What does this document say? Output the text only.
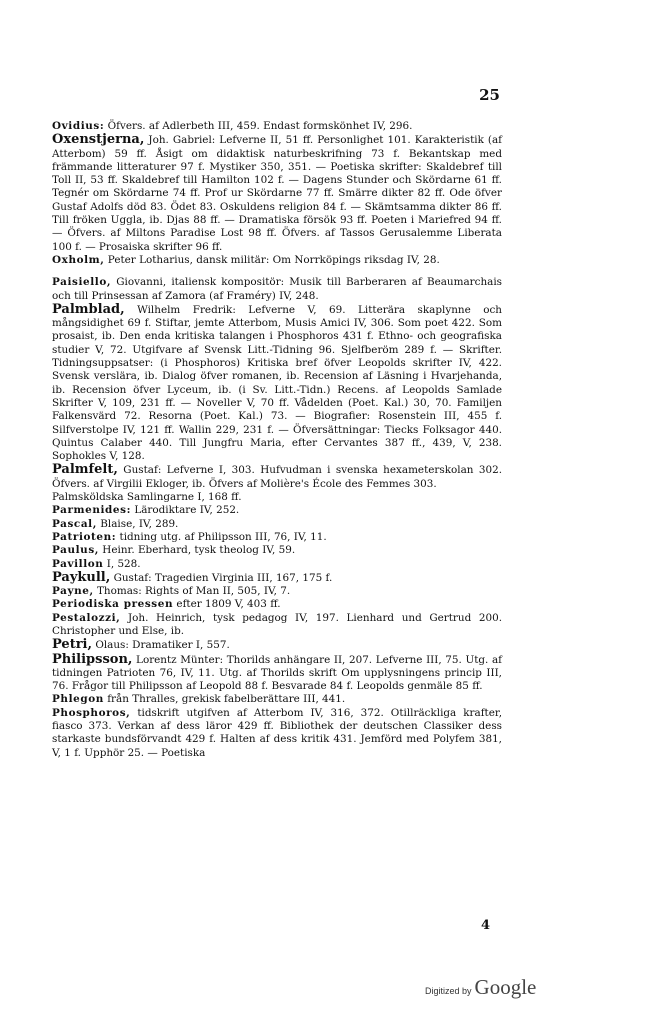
25

Ovidius: Öfvers. af Adlerbeth III, 459. Endast formskönhet IV, 296.

Oxenstjerna, Joh. Gabriel: Lefverne II, 51 ff. Personlighet 101. Karakteristik (af Atterbom) 59 ff. Åsigt om didaktisk naturbeskrifning 73 f. Bekantskap med främmande litteraturer 97 f. Mystiker 350, 351. — Poetiska skrifter: Skaldebref till Toll II, 53 ff. Skaldebref till Hamilton 102 f. — Dagens Stunder och Skördarne 61 ff. Tegnér om Skördarne 74 ff. Prof ur Skördarne 77 ff. Smärre dikter 82 ff. Ode öfver Gustaf Adolfs död 83. Ödet 83. Oskuldens religion 84 f. — Skämtsamma dikter 86 ff. Till fröken Uggla, ib. Djas 88 ff. — Dramatiska försök 93 ff. Poeten i Mariefred 94 ff. — Öfvers. af Miltons Paradise Lost 98 ff. Öfvers. af Tassos Gerusalemme Liberata 100 f. — Prosaiska skrifter 96 ff.

Oxholm, Peter Lotharius, dansk militär: Om Norrköpings riksdag IV, 28.

Paisiello, Giovanni, italiensk kompositör: Musik till Barberaren af Beaumarchais och till Prinsessan af Zamora (af Framéry) IV, 248.

Palmblad, Wilhelm Fredrik: Lefverne V, 69. Litterära skaplynne och mångsidighet 69 f. Stiftar, jemte Atterbom, Musis Amici IV, 306. Som poet 422. Som prosaist, ib. Den enda kritiska talangen i Phosphoros 431 f. Ethno- och geografiska studier V, 72. Utgifvare af Svensk Litt.-Tidning 96. Sjelfberöm 289 f. — Skrifter. Tidningsuppsatser: (i Phosphoros) Kritiska bref öfver Leopolds skrifter IV, 422. Svensk verslära, ib. Dialog öfver romanen, ib. Recension af Läsning i Hvarjehanda, ib. Recension öfver Lyceum, ib. (i Sv. Litt.-Tidn.) Recens. af Leopolds Samlade Skrifter V, 109, 231 ff. — Noveller V, 70 ff. Vådelden (Poet. Kal.) 30, 70. Familjen Falkensvärd 72. Resorna (Poet. Kal.) 73. — Biografier: Rosenstein III, 455 f. Silfverstolpe IV, 121 ff. Wallin 229, 231 f. — Öfversättningar: Tiecks Folksagor 440. Quintus Calaber 440. Till Jungfru Maria, efter Cervantes 387 ff., 439, V, 238. Sophokles V, 128.

Palmfelt, Gustaf: Lefverne I, 303. Hufvudman i svenska hexameterskolan 302. Öfvers. af Virgilii Ekloger, ib. Öfvers af Molière's École des Femmes 303.

Palmsköldska Samlingarne I, 168 ff.

Parmenides: Lärodiktare IV, 252.

Pascal, Blaise, IV, 289.

Patrioten: tidning utg. af Philipsson III, 76, IV, 11.

Paulus, Heinr. Eberhard, tysk theolog IV, 59.

Pavillon I, 528.

Paykull, Gustaf: Tragedien Virginia III, 167, 175 f.

Payne, Thomas: Rights of Man II, 505, IV, 7.

Periodiska pressen efter 1809 V, 403 ff.

Pestalozzi, Joh. Heinrich, tysk pedagog IV, 197. Lienhard und Gertrud 200. Christopher und Else, ib.

Petri, Olaus: Dramatiker I, 557.

Philipsson, Lorentz Münter: Thorilds anhängare II, 207. Lefverne III, 75. Utg. af tidningen Patrioten 76, IV, 11. Utg. af Thorilds skrift Om upplysningens princip III, 76. Frågor till Philipsson af Leopold 88 f. Besvarade 84 f. Leopolds genmäle 85 ff.

Phlegon från Thralles, grekisk fabelberättare III, 441.

Phosphoros, tidskrift utgifven af Atterbom IV, 316, 372. Otillräckliga krafter, fiasco 373. Verkan af dess läror 429 ff. Bibliothek der deutschen Classiker dess starkaste bundsförvandt 429 f. Halten af dess kritik 431. Jemförd med Polyfem 381, V, 1 f. Upphör 25. — Poetiska

4
Digitized by Google
